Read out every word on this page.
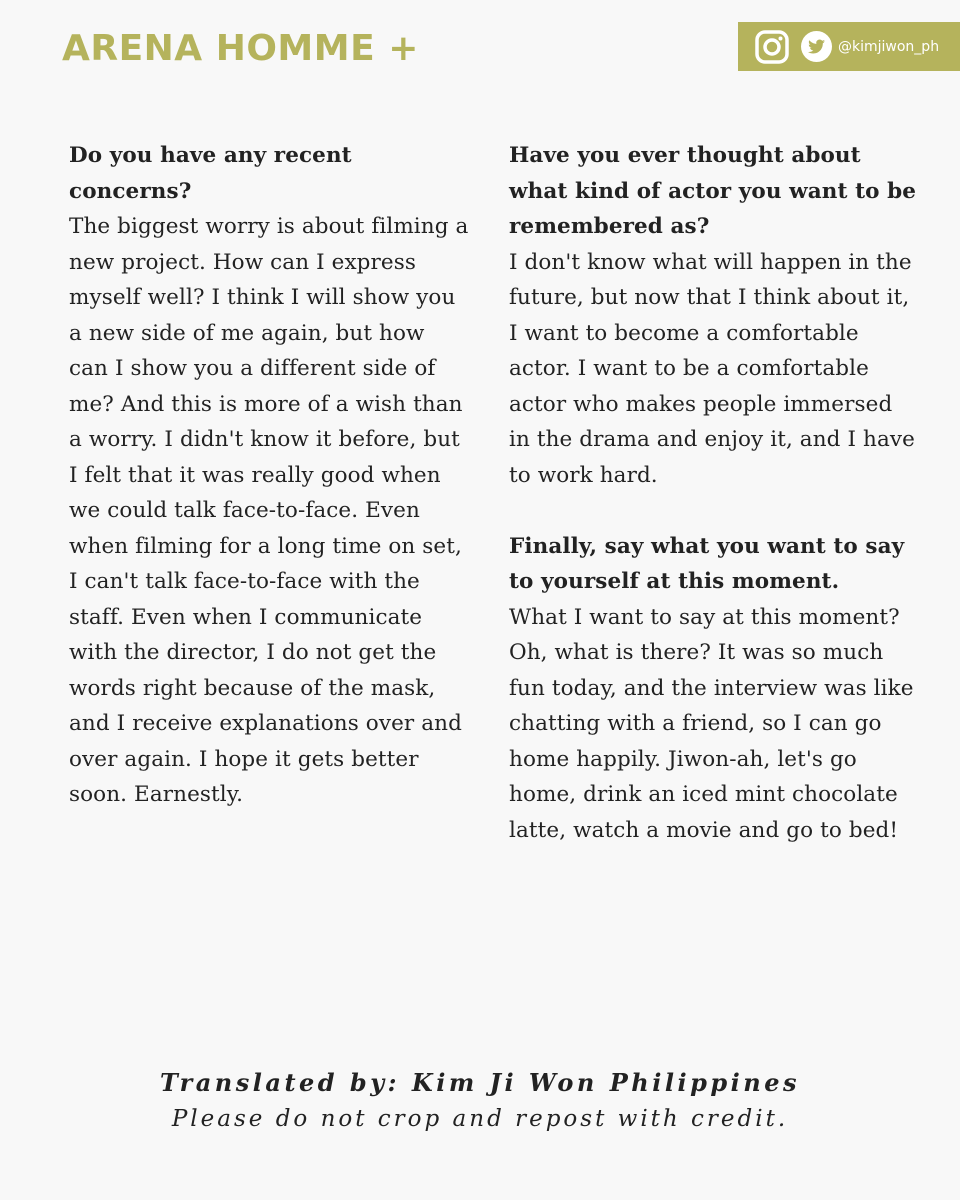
ARENA HOMME +	@kimjiwon_ph

Do you have any recent concerns?

The biggest worry is about filming a new project. How can I express myself well? I think I will show you a new side of me again, but how can I show you a different side of me? And this is more of a wish than a worry. I didn't know it before, but I felt that it was really good when we could talk face-to-face. Even when filming for a long time on set, I can't talk face-to-face with the staff. Even when I communicate with the director, I do not get the words right because of the mask, and I receive explanations over and over again. I hope it gets better soon. Earnestly.

Have you ever thought about what kind of actor you want to be remembered as?

I don't know what will happen in the future, but now that I think about it, I want to become a comfortable actor. I want to be a comfortable actor who makes people immersed in the drama and enjoy it, and I have to work hard.

Finally, say what you want to say to yourself at this moment.

What I want to say at this moment? Oh, what is there? It was so much fun today, and the interview was like chatting with a friend, so I can go home happily. Jiwon-ah, let's go home, drink an iced mint chocolate latte, watch a movie and go to bed!

Translated by: Kim Ji Won Philippines
Please do not crop and repost with credit.
